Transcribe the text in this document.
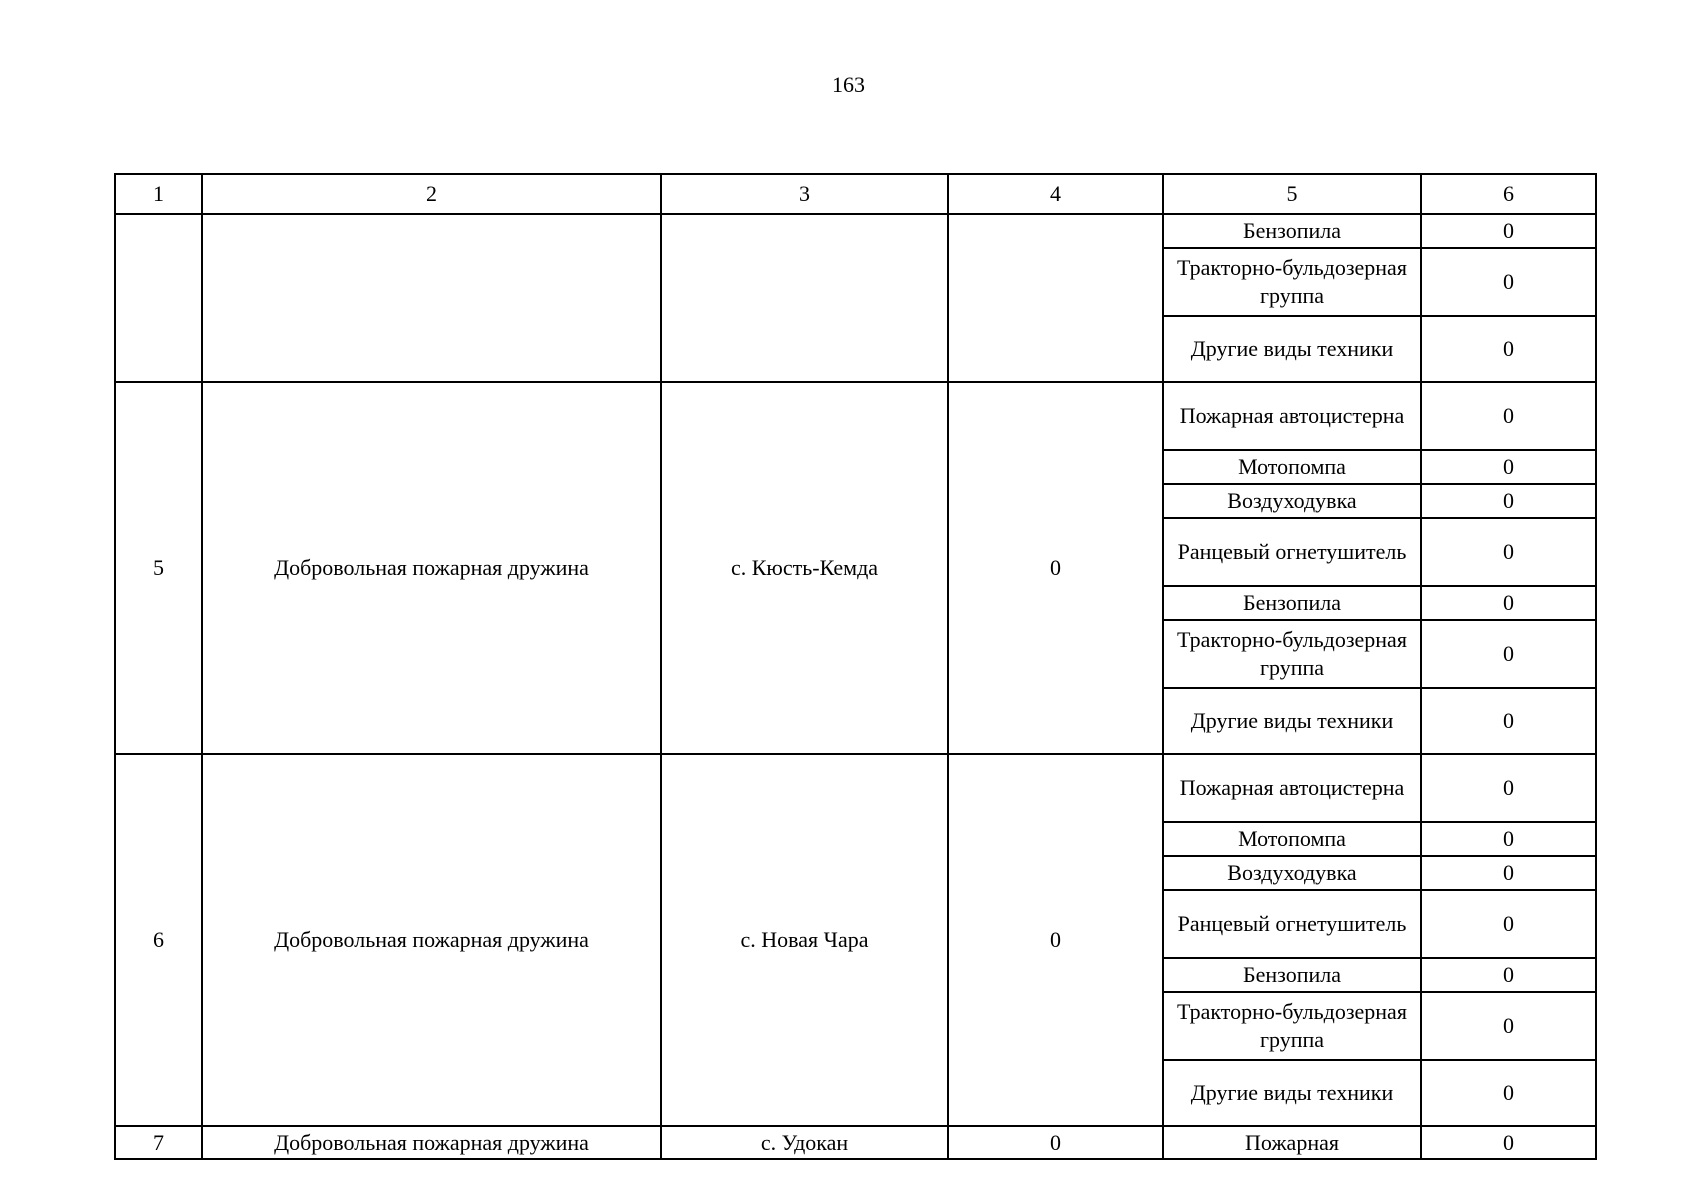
163
1	2	3	4	5	6
				Бензопила	0
				Тракторно-бульдозерная группа	0
				Другие виды техники	0
5	Добровольная пожарная дружина	с. Кюсть-Кемда	0	Пожарная автоцистерна	0
				Мотопомпа	0
				Воздуходувка	0
				Ранцевый огнетушитель	0
				Бензопила	0
				Тракторно-бульдозерная группа	0
				Другие виды техники	0
6	Добровольная пожарная дружина	с. Новая Чара	0	Пожарная автоцистерна	0
				Мотопомпа	0
				Воздуходувка	0
				Ранцевый огнетушитель	0
				Бензопила	0
				Тракторно-бульдозерная группа	0
				Другие виды техники	0
7	Добровольная пожарная дружина	с. Удокан	0	Пожарная	0
